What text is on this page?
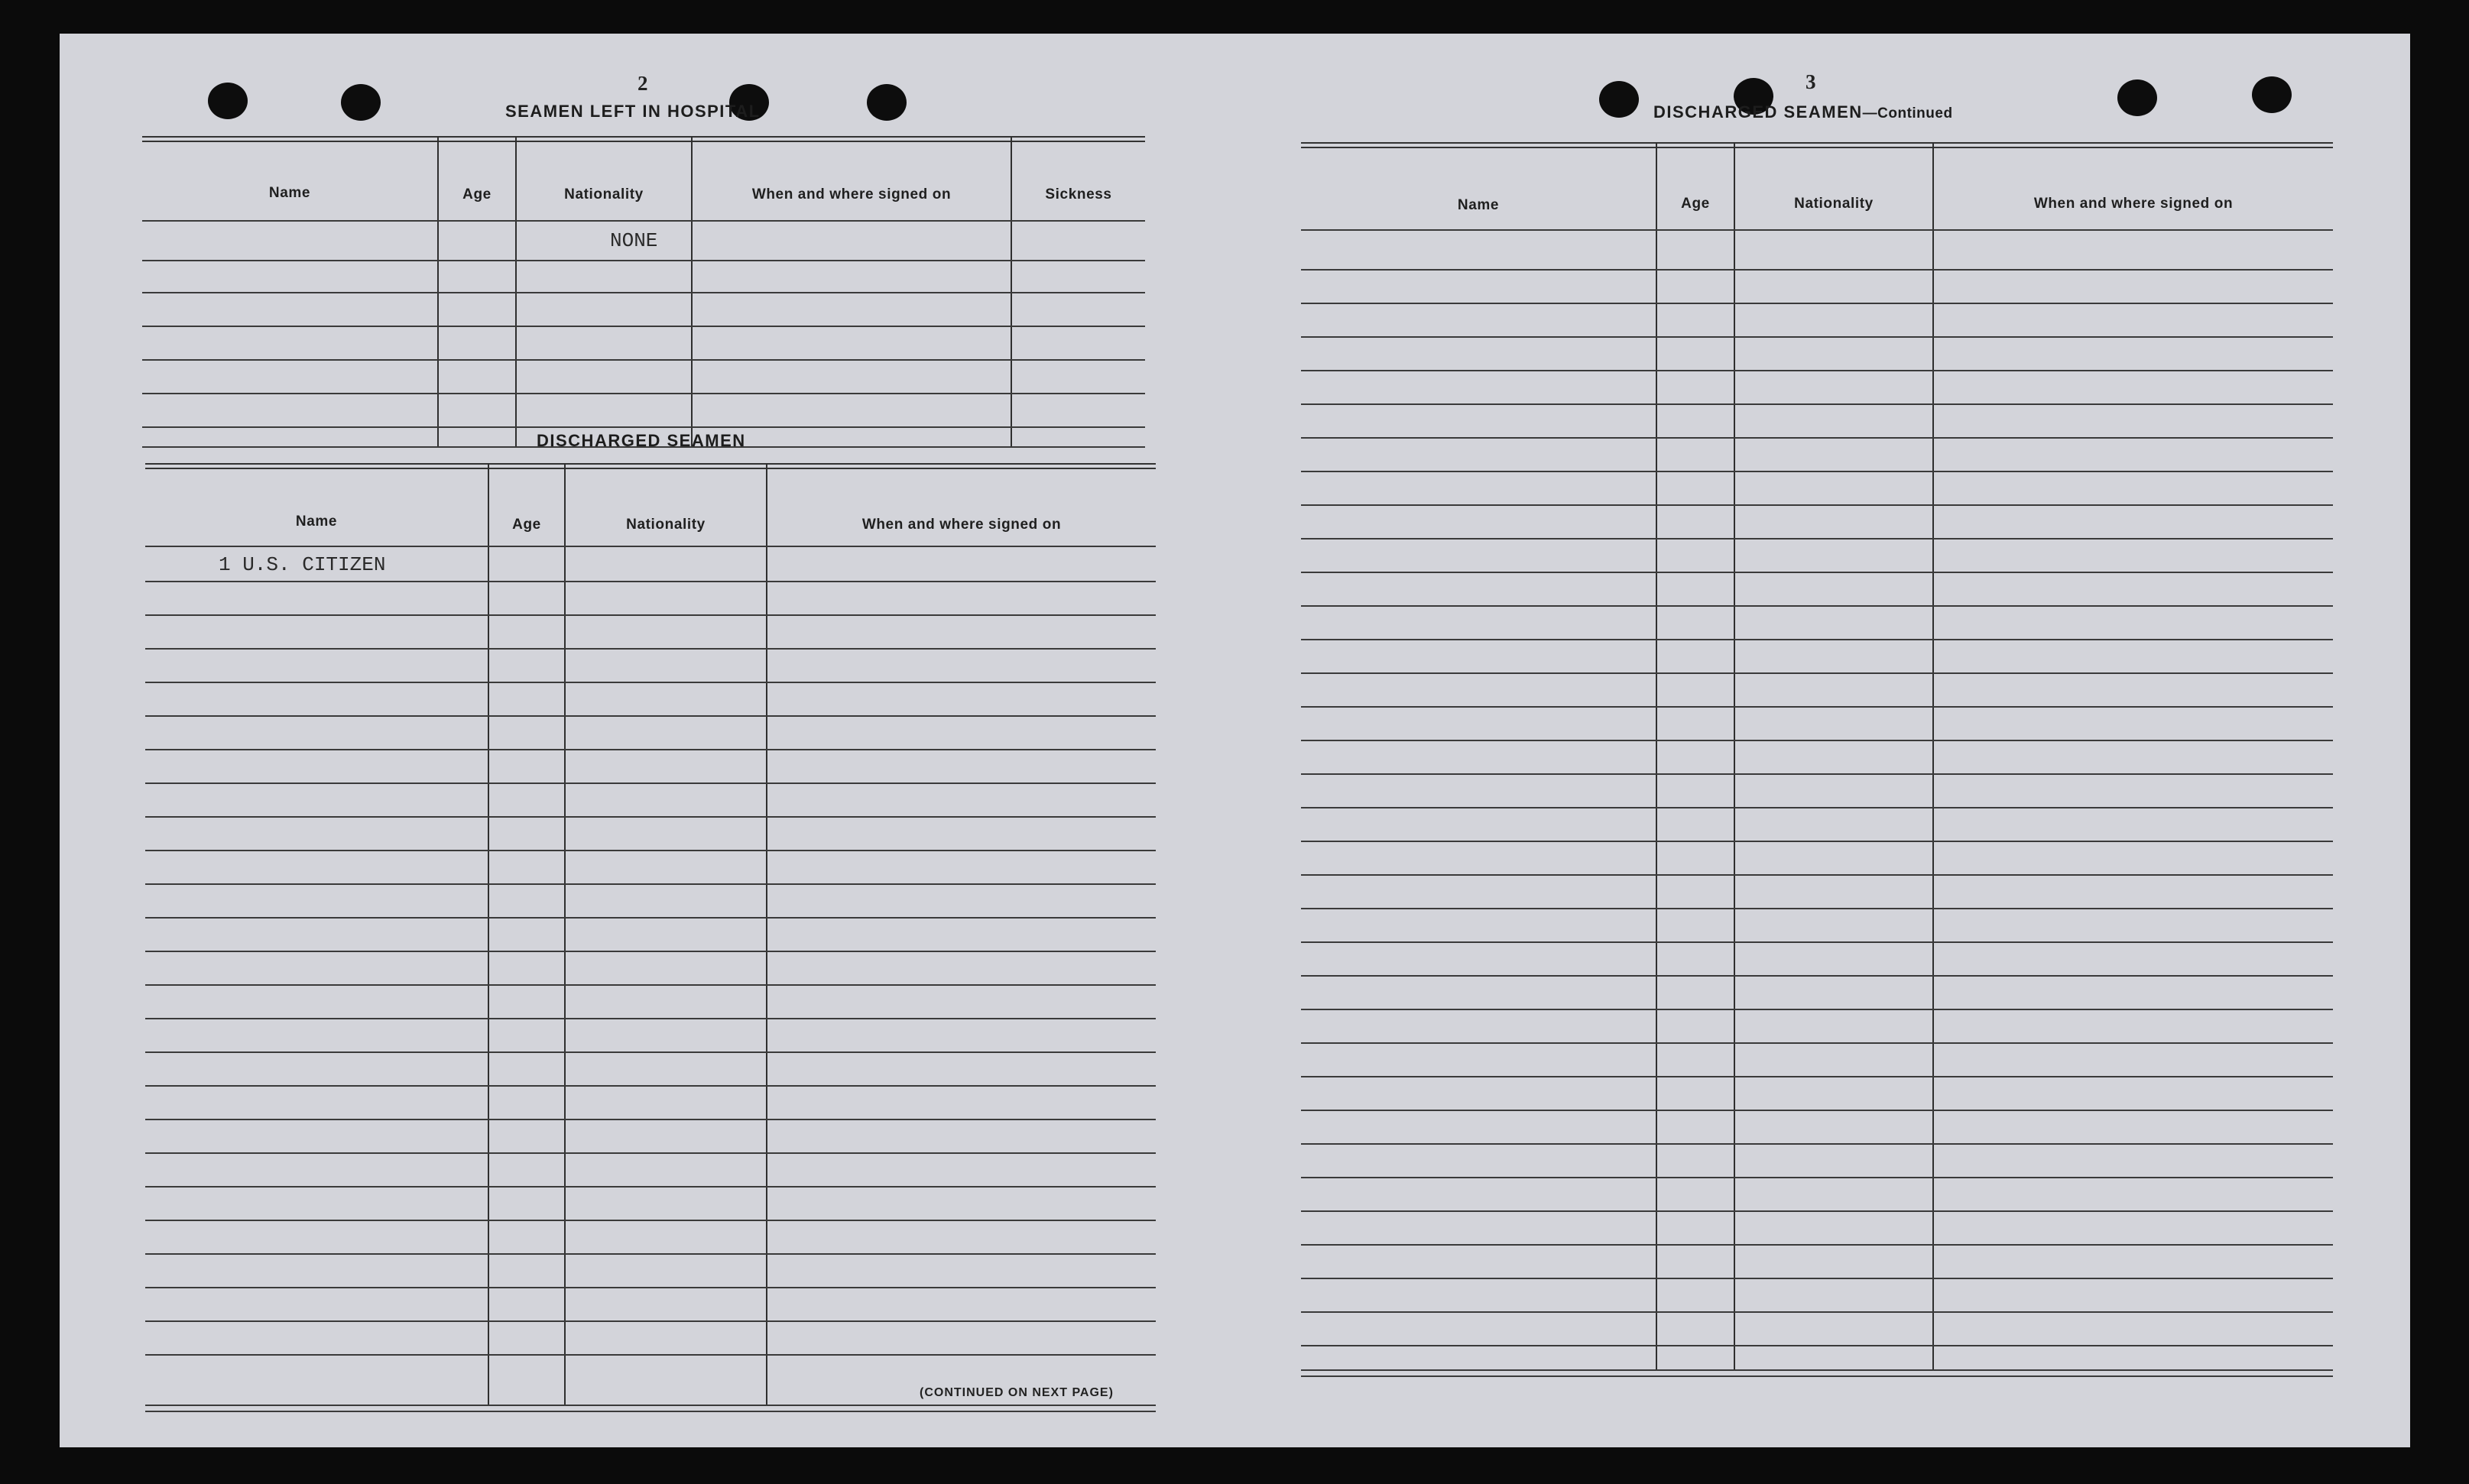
2
SEAMEN LEFT IN HOSPITAL
Name	Age	Nationality	When and where signed on	Sickness
NONE
DISCHARGED SEAMEN
Name	Age	Nationality	When and where signed on
1 U.S. CITIZEN
(CONTINUED ON NEXT PAGE)
3
DISCHARGED SEAMEN—Continued
Name	Age	Nationality	When and where signed on
